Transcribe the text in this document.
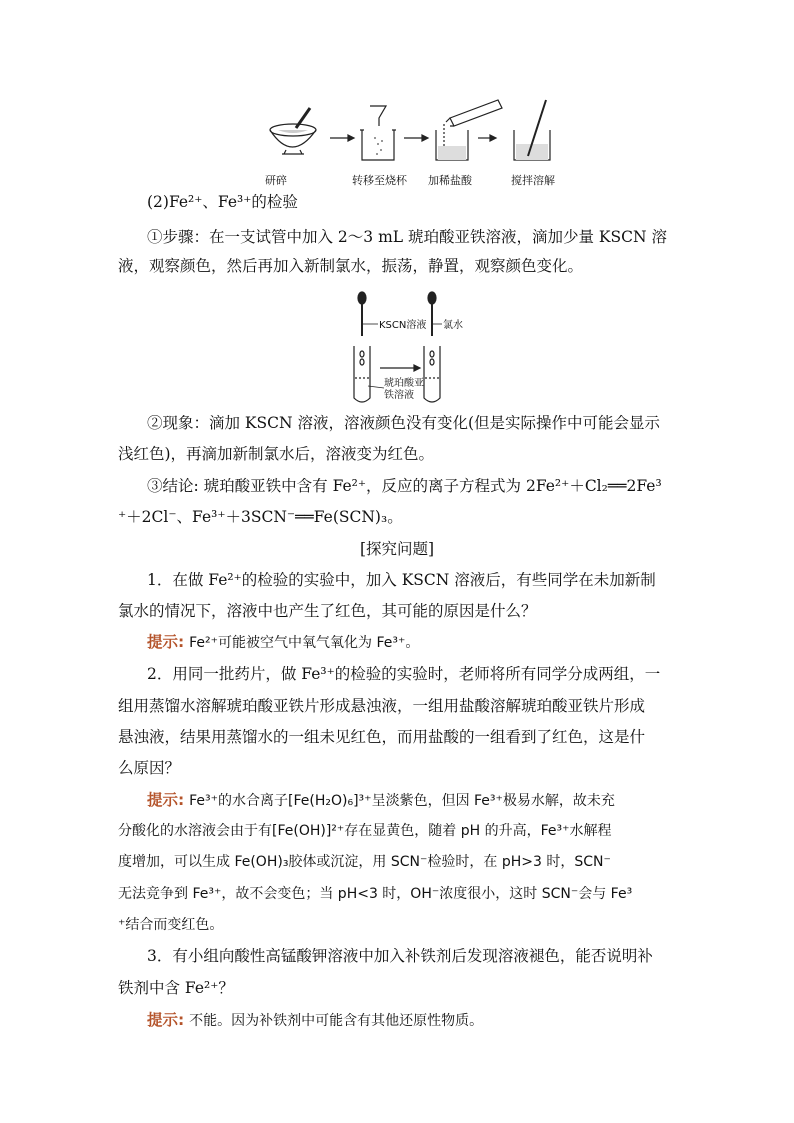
研碎	转移至烧杯 加稀盐酸	搅拌溶解
(2)Fe²⁺、Fe³⁺的检验
①步骤：在一支试管中加入 2～3 mL 琥珀酸亚铁溶液，滴加少量 KSCN 溶
液，观察颜色，然后再加入新制氯水，振荡，静置，观察颜色变化。
KSCN溶液 氯水
琥珀酸亚
铁溶液
②现象：滴加 KSCN 溶液，溶液颜色没有变化(但是实际操作中可能会显示
浅红色)，再滴加新制氯水后，溶液变为红色。
③结论: 琥珀酸亚铁中含有 Fe²⁺，反应的离子方程式为 2Fe²⁺＋Cl₂══2Fe³
⁺＋2Cl⁻、Fe³⁺＋3SCN⁻══Fe(SCN)₃。
[探究问题]
1．在做 Fe²⁺的检验的实验中，加入 KSCN 溶液后，有些同学在未加新制
氯水的情况下，溶液中也产生了红色，其可能的原因是什么？
提示: Fe²⁺可能被空气中氧气氧化为 Fe³⁺。
2．用同一批药片，做 Fe³⁺的检验的实验时，老师将所有同学分成两组，一
组用蒸馏水溶解琥珀酸亚铁片形成悬浊液，一组用盐酸溶解琥珀酸亚铁片形成
悬浊液，结果用蒸馏水的一组未见红色，而用盐酸的一组看到了红色，这是什
么原因？
提示: Fe³⁺的水合离子[Fe(H₂O)₆]³⁺呈淡紫色，但因 Fe³⁺极易水解，故未充
分酸化的水溶液会由于有[Fe(OH)]²⁺存在显黄色，随着 pH 的升高，Fe³⁺水解程
度增加，可以生成 Fe(OH)₃胶体或沉淀，用 SCN⁻检验时，在 pH>3 时，SCN⁻
无法竞争到 Fe³⁺，故不会变色；当 pH<3 时，OH⁻浓度很小，这时 SCN⁻会与 Fe³
⁺结合而变红色。
3．有小组向酸性高锰酸钾溶液中加入补铁剂后发现溶液褪色，能否说明补
铁剂中含 Fe²⁺？
提示: 不能。因为补铁剂中可能含有其他还原性物质。
